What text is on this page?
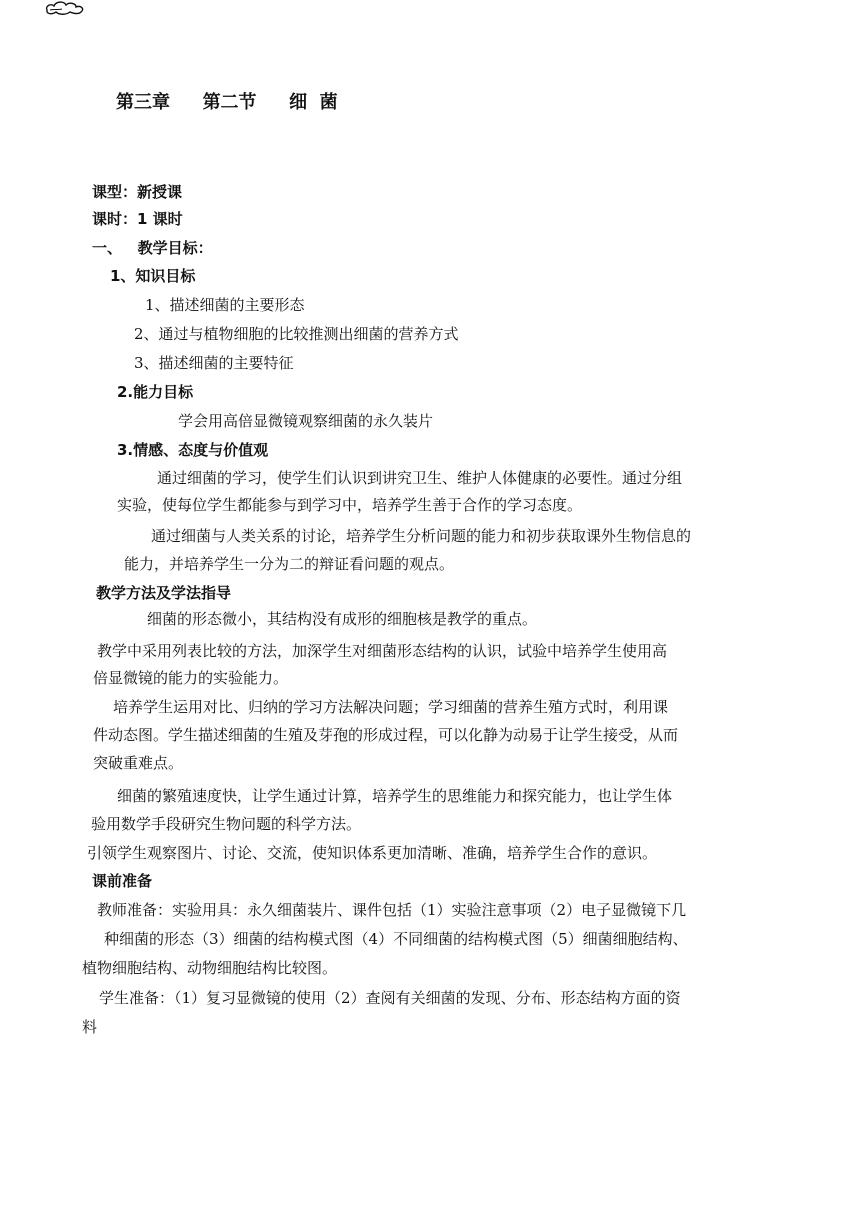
第三章 第二节 细  菌
课型：新授课
课时：1 课时
一、   教学目标：
1、知识目标
1、描述细菌的主要形态
2、通过与植物细胞的比较推测出细菌的营养方式
3、描述细菌的主要特征
2.能力目标
学会用高倍显微镜观察细菌的永久装片
3.情感、态度与价值观
通过细菌的学习，使学生们认识到讲究卫生、维护人体健康的必要性。通过分组
实验，使每位学生都能参与到学习中，培养学生善于合作的学习态度。
通过细菌与人类关系的讨论，培养学生分析问题的能力和初步获取课外生物信息的
能力，并培养学生一分为二的辩证看问题的观点。
教学方法及学法指导
细菌的形态微小，其结构没有成形的细胞核是教学的重点。
教学中采用列表比较的方法，加深学生对细菌形态结构的认识，试验中培养学生使用高
倍显微镜的能力的实验能力。
培养学生运用对比、归纳的学习方法解决问题；学习细菌的营养生殖方式时，利用课
件动态图。学生描述细菌的生殖及芽孢的形成过程，可以化静为动易于让学生接受，从而
突破重难点。
细菌的繁殖速度快，让学生通过计算，培养学生的思维能力和探究能力，也让学生体
验用数学手段研究生物问题的科学方法。
引领学生观察图片、讨论、交流，使知识体系更加清晰、准确，培养学生合作的意识。
课前准备
教师准备：实验用具：永久细菌装片、课件包括（1）实验注意事项（2）电子显微镜下几
种细菌的形态（3）细菌的结构模式图（4）不同细菌的结构模式图（5）细菌细胞结构、
植物细胞结构、动物细胞结构比较图。
学生准备：（1）复习显微镜的使用（2）查阅有关细菌的发现、分布、形态结构方面的资
料
